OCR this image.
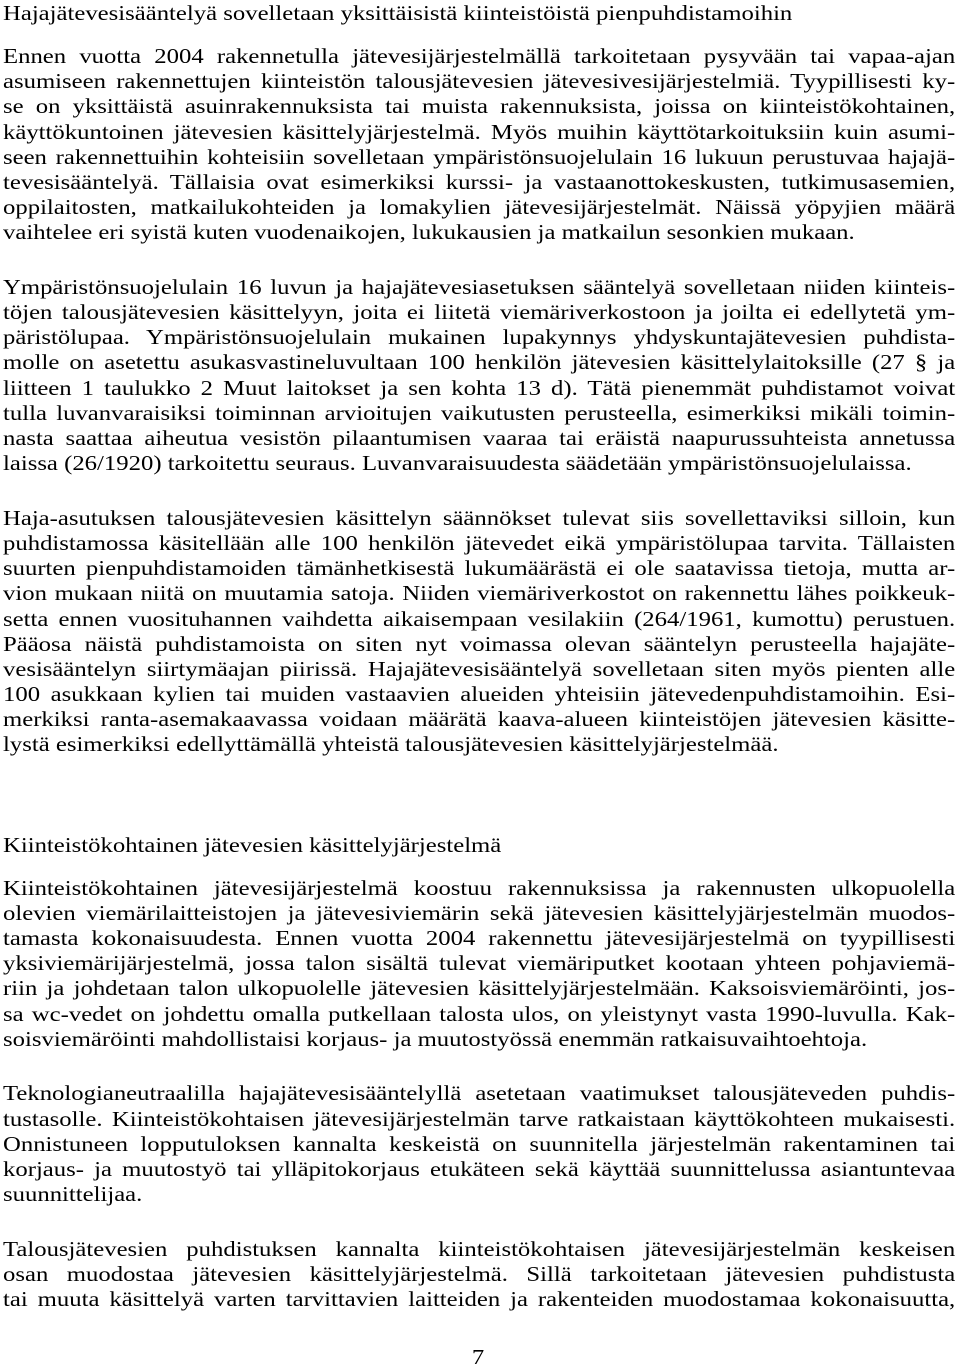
Hajajätevesisääntelyä sovelletaan yksittäisistä kiinteistöistä pienpuhdistamoihin
Ennen vuotta 2004 rakennetulla jätevesijärjestelmällä tarkoitetaan pysyvään tai vapaa-ajan
asumiseen rakennettujen kiinteistön talousjätevesien jätevesivesijärjestelmiä. Tyypillisesti ky-
se on yksittäistä asuinrakennuksista tai muista rakennuksista, joissa on kiinteistökohtainen,
käyttökuntoinen jätevesien käsittelyjärjestelmä. Myös muihin käyttötarkoituksiin kuin asumi-
seen rakennettuihin kohteisiin sovelletaan ympäristönsuojelulain 16 lukuun perustuvaa hajajä-
tevesisääntelyä. Tällaisia ovat esimerkiksi kurssi- ja vastaanottokeskusten, tutkimusasemien,
oppilaitosten, matkailukohteiden ja lomakylien jätevesijärjestelmät. Näissä yöpyjien määrä
vaihtelee eri syistä kuten vuodenaikojen, lukukausien ja matkailun sesonkien mukaan.
Ympäristönsuojelulain 16 luvun ja hajajätevesiasetuksen sääntelyä sovelletaan niiden kiinteis-
töjen talousjätevesien käsittelyyn, joita ei liitetä viemäriverkostoon ja joilta ei edellytetä ym-
päristölupaa. Ympäristönsuojelulain mukainen lupakynnys yhdyskuntajätevesien puhdista-
molle on asetettu asukasvastineluvultaan 100 henkilön jätevesien käsittelylaitoksille (27 § ja
liitteen 1 taulukko 2 Muut laitokset ja sen kohta 13 d). Tätä pienemmät puhdistamot voivat
tulla luvanvaraisiksi toiminnan arvioitujen vaikutusten perusteella, esimerkiksi mikäli toimin-
nasta saattaa aiheutua vesistön pilaantumisen vaaraa tai eräistä naapurussuhteista annetussa
laissa (26/1920) tarkoitettu seuraus. Luvanvaraisuudesta säädetään ympäristönsuojelulaissa.
Haja-asutuksen talousjätevesien käsittelyn säännökset tulevat siis sovellettaviksi silloin, kun
puhdistamossa käsitellään alle 100 henkilön jätevedet eikä ympäristölupaa tarvita. Tällaisten
suurten pienpuhdistamoiden tämänhetkisestä lukumäärästä ei ole saatavissa tietoja, mutta ar-
vion mukaan niitä on muutamia satoja. Niiden viemäriverkostot on rakennettu lähes poikkeuk-
setta ennen vuosituhannen vaihdetta aikaisempaan vesilakiin (264/1961, kumottu) perustuen.
Pääosa näistä puhdistamoista on siten nyt voimassa olevan sääntelyn perusteella hajajäte-
vesisääntelyn siirtymäajan piirissä. Hajajätevesisääntelyä sovelletaan siten myös pienten alle
100 asukkaan kylien tai muiden vastaavien alueiden yhteisiin jätevedenpuhdistamoihin. Esi-
merkiksi ranta-asemakaavassa voidaan määrätä kaava-alueen kiinteistöjen jätevesien käsitte-
lystä esimerkiksi edellyttämällä yhteistä talousjätevesien käsittelyjärjestelmää.
Kiinteistökohtainen jätevesien käsittelyjärjestelmä
Kiinteistökohtainen jätevesijärjestelmä koostuu rakennuksissa ja rakennusten ulkopuolella
olevien viemärilaitteistojen ja jätevesiviemärin sekä jätevesien käsittelyjärjestelmän muodos-
tamasta kokonaisuudesta. Ennen vuotta 2004 rakennettu jätevesijärjestelmä on tyypillisesti
yksiviemärijärjestelmä, jossa talon sisältä tulevat viemäriputket kootaan yhteen pohjaviemä-
riin ja johdetaan talon ulkopuolelle jätevesien käsittelyjärjestelmään. Kaksoisviemäröinti, jos-
sa wc-vedet on johdettu omalla putkellaan talosta ulos, on yleistynyt vasta 1990-luvulla. Kak-
soisviemäröinti mahdollistaisi korjaus- ja muutostyössä enemmän ratkaisuvaihtoehtoja.
Teknologianeutraalilla hajajätevesisääntelyllä asetetaan vaatimukset talousjäteveden puhdis-
tustasolle. Kiinteistökohtaisen jätevesijärjestelmän tarve ratkaistaan käyttökohteen mukaisesti.
Onnistuneen lopputuloksen kannalta keskeistä on suunnitella järjestelmän rakentaminen tai
korjaus- ja muutostyö tai ylläpitokorjaus etukäteen sekä käyttää suunnittelussa asiantuntevaa
suunnittelijaa.
Talousjätevesien puhdistuksen kannalta kiinteistökohtaisen jätevesijärjestelmän keskeisen
osan muodostaa jätevesien käsittelyjärjestelmä. Sillä tarkoitetaan jätevesien puhdistusta
tai muuta käsittelyä varten tarvittavien laitteiden ja rakenteiden muodostamaa kokonaisuutta,
7
